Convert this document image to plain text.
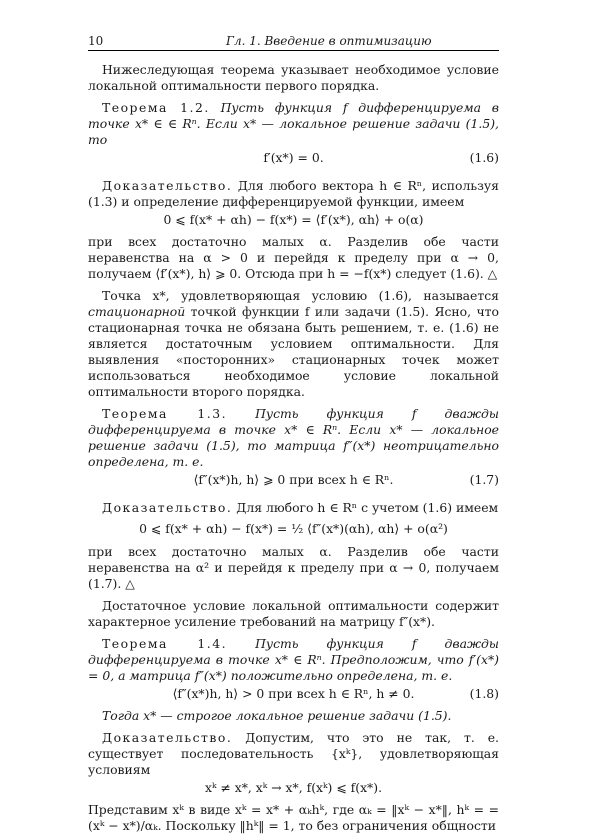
10	Гл. 1. Введение в оптимизацию

Нижеследующая теорема указывает необходимое условие локальной оптимальности первого порядка.

Теорема 1.2. Пусть функция f дифференцируема в точке x* ∈ ∈ Rⁿ. Если x* — локальное решение задачи (1.5), то

f′(x*) = 0.	(1.6)

Доказательство. Для любого вектора h ∈ Rⁿ, используя (1.3) и определение дифференцируемой функции, имеем

0 ⩽ f(x* + αh) − f(x*) = ⟨f′(x*), αh⟩ + o(α)

при всех достаточно малых α. Разделив обе части неравенства на α > 0 и перейдя к пределу при α → 0, получаем ⟨f′(x*), h⟩ ⩾ 0. Отсюда при h = −f(x*) следует (1.6). △

Точка x*, удовлетворяющая условию (1.6), называется стационарной точкой функции f или задачи (1.5). Ясно, что стационарная точка не обязана быть решением, т. е. (1.6) не является достаточным условием оптимальности. Для выявления «посторонних» стационарных точек может использоваться необходимое условие локальной оптимальности второго порядка.

Теорема 1.3. Пусть функция f дважды дифференцируема в точке x* ∈ Rⁿ. Если x* — локальное решение задачи (1.5), то матрица f″(x*) неотрицательно определена, т. е.

⟨f″(x*)h, h⟩ ⩾ 0 при всех h ∈ Rⁿ.	(1.7)

Доказательство. Для любого h ∈ Rⁿ с учетом (1.6) имеем

0 ⩽ f(x* + αh) − f(x*) = ½ ⟨f″(x*)(αh), αh⟩ + o(α²)

при всех достаточно малых α. Разделив обе части неравенства на α² и перейдя к пределу при α → 0, получаем (1.7). △

Достаточное условие локальной оптимальности содержит характерное усиление требований на матрицу f″(x*).

Теорема 1.4. Пусть функция f дважды дифференцируема в точке x* ∈ Rⁿ. Предположим, что f′(x*) = 0, а матрица f″(x*) положительно определена, т. е.

⟨f″(x*)h, h⟩ > 0 при всех h ∈ Rⁿ, h ≠ 0.	(1.8)

Тогда x* — строгое локальное решение задачи (1.5).

Доказательство. Допустим, что это не так, т. е. существует последовательность {xᵏ}, удовлетворяющая условиям

xᵏ ≠ x*, xᵏ → x*, f(xᵏ) ⩽ f(x*).

Представим xᵏ в виде xᵏ = x* + αₖhᵏ, где αₖ = ‖xᵏ − x*‖, hᵏ = = (xᵏ − x*)/αₖ. Поскольку ‖hᵏ‖ = 1, то без ограничения общности
